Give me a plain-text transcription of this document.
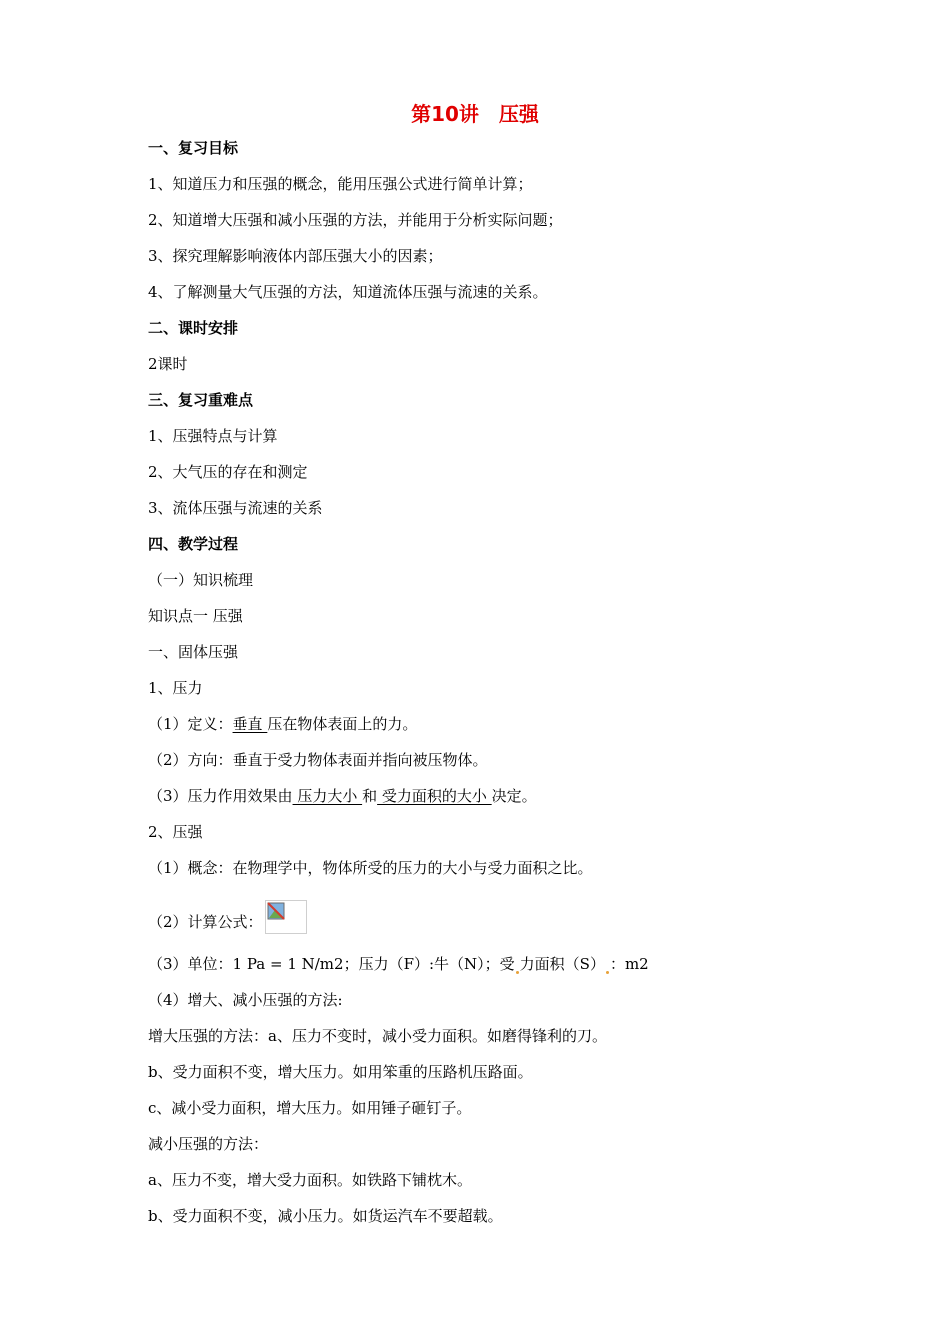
第10讲　压强
一、复习目标
1、知道压力和压强的概念，能用压强公式进行简单计算；
2、知道增大压强和减小压强的方法，并能用于分析实际问题；
3、探究理解影响液体内部压强大小的因素；
4、了解测量大气压强的方法，知道流体压强与流速的关系。
二、课时安排
2课时
三、复习重难点
1、压强特点与计算
2、大气压的存在和测定
3、流体压强与流速的关系
四、教学过程
（一）知识梳理
知识点一 压强
一、固体压强
1、压力
（1）定义：垂直 压在物体表面上的力。
（2）方向：垂直于受力物体表面并指向被压物体。
（3）压力作用效果由 压力大小 和 受力面积的大小 决定。
2、压强
（1）概念：在物理学中，物体所受的压力的大小与受力面积之比。
（2）计算公式：
（3）单位：1 Pa = 1 N/m2；压力（F）:牛（N）；受 力面积（S） ：m2
（4）增大、减小压强的方法:
增大压强的方法：a、压力不变时，减小受力面积。如磨得锋利的刀。
b、受力面积不变，增大压力。如用笨重的压路机压路面。
c、减小受力面积，增大压力。如用锤子砸钉子。
减小压强的方法：
a、压力不变，增大受力面积。如铁路下铺枕木。
b、受力面积不变，减小压力。如货运汽车不要超载。
